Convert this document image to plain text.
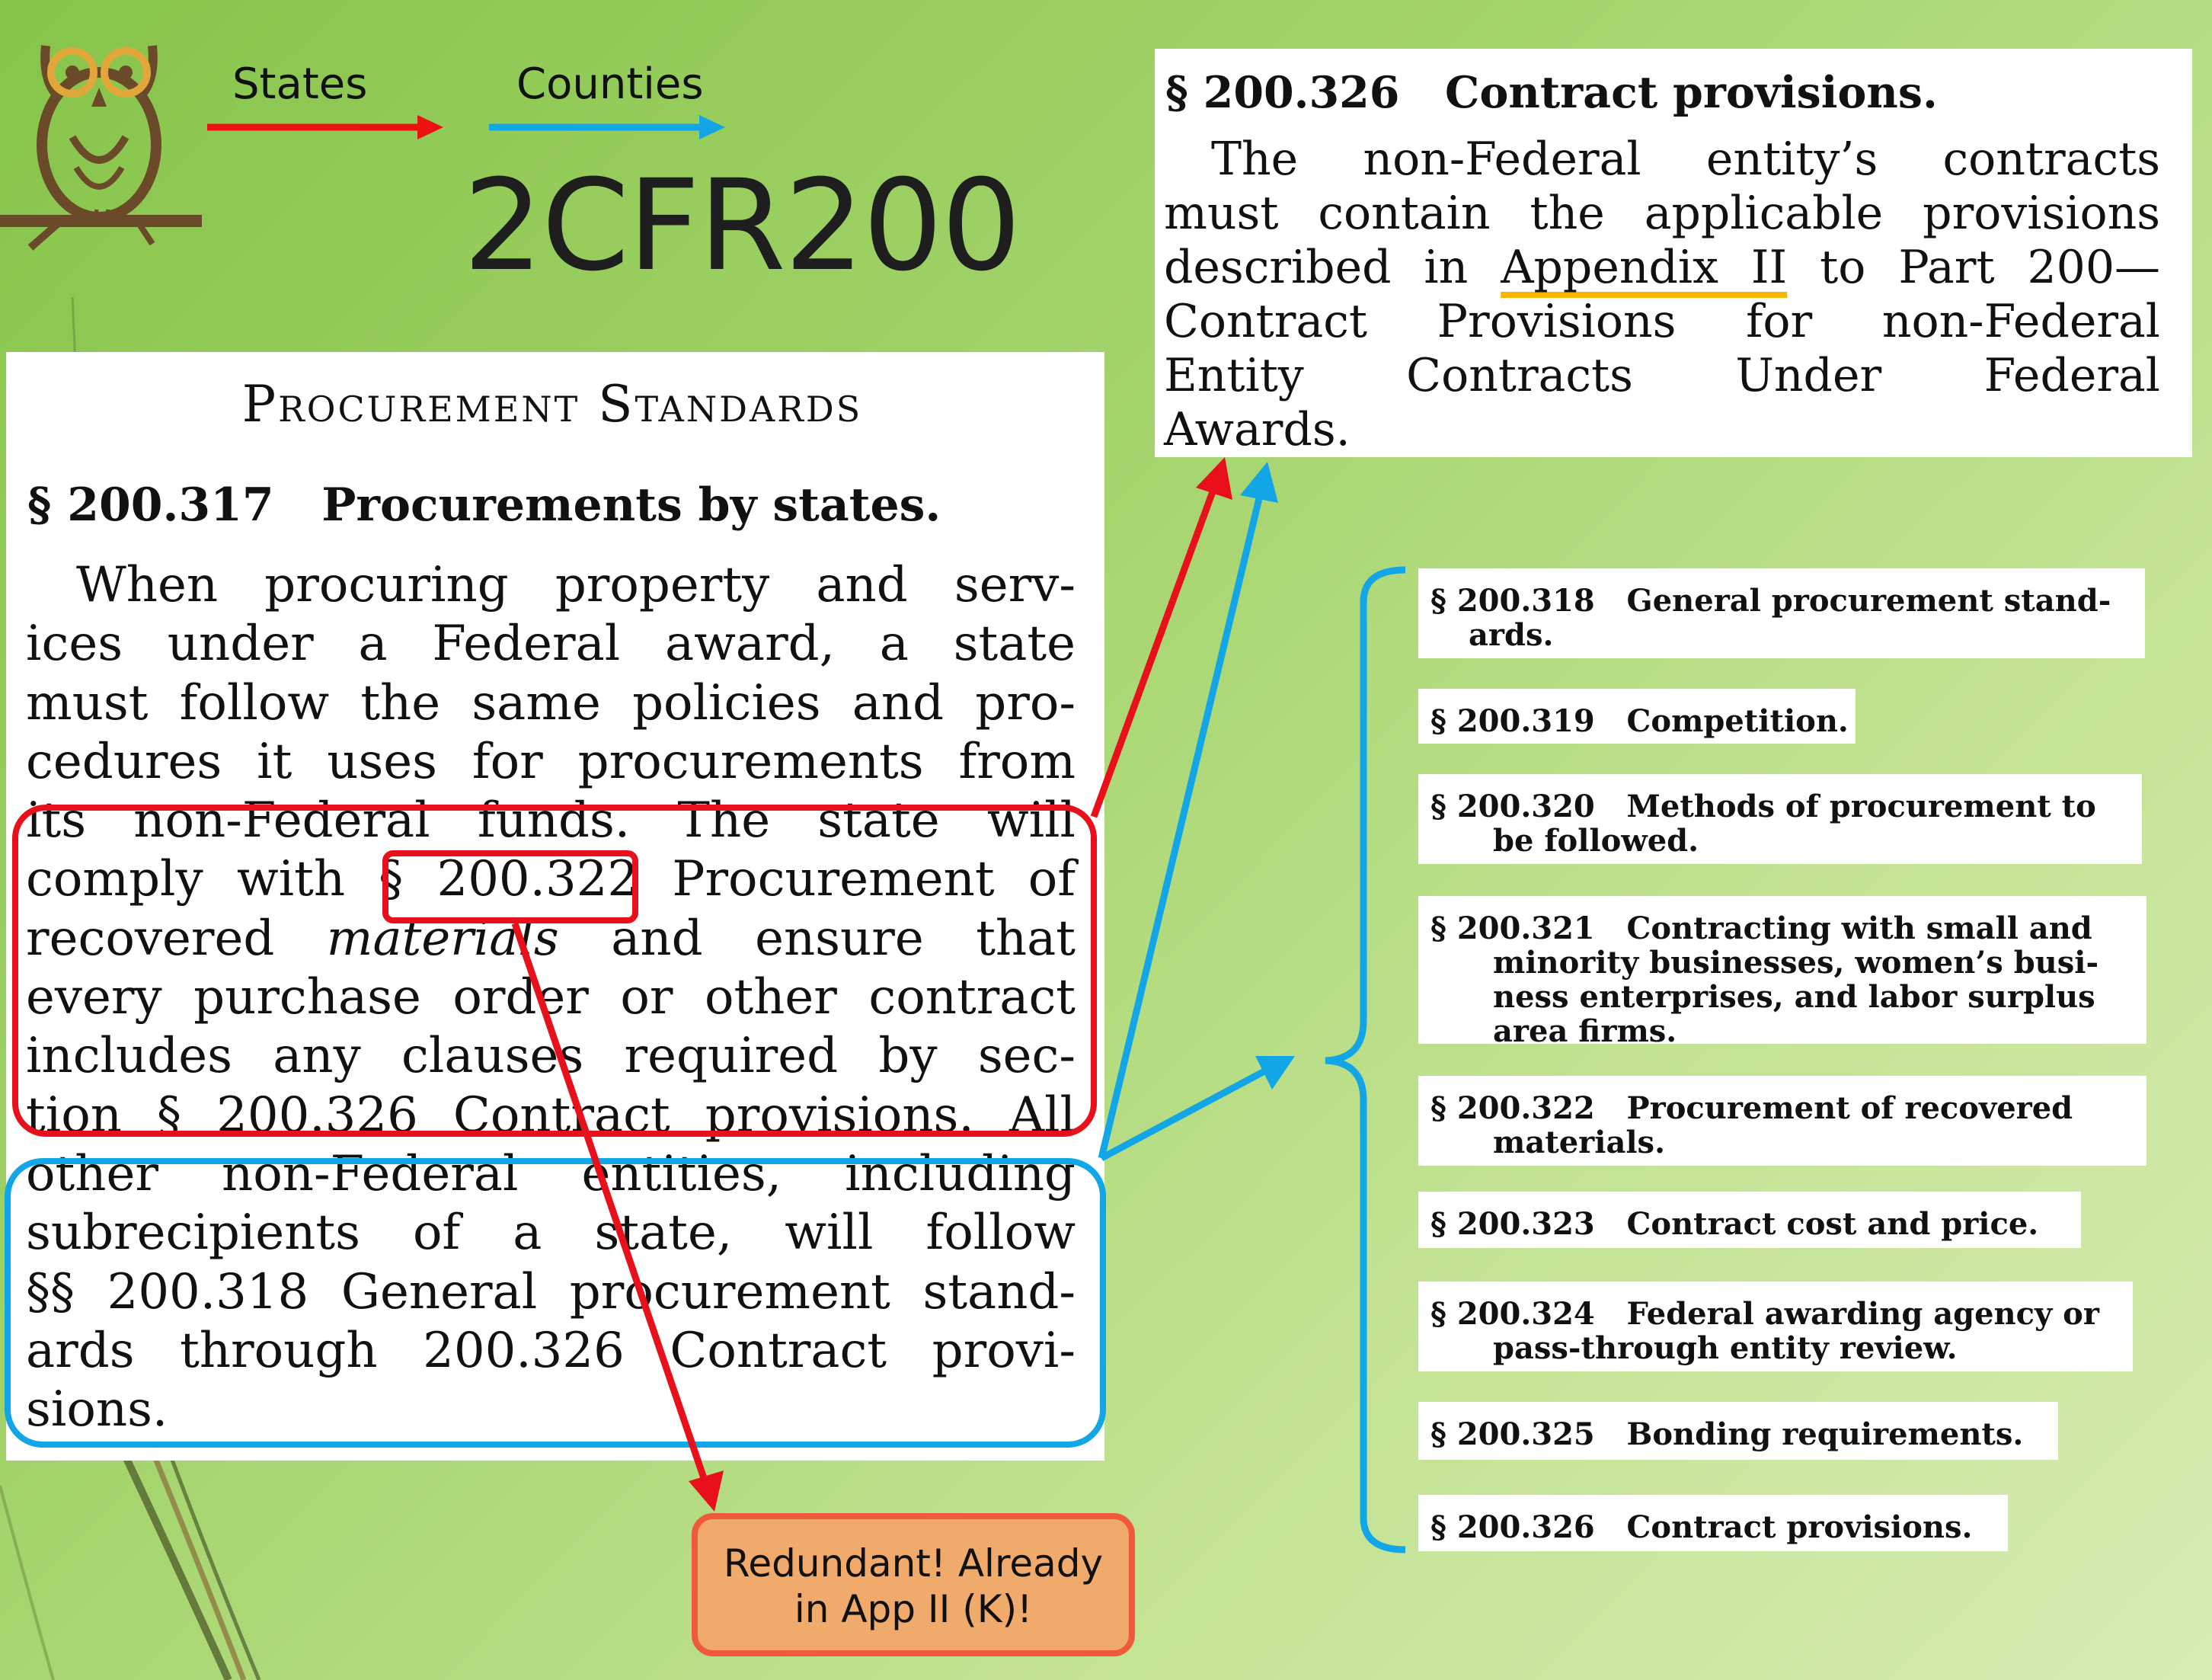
States	Counties
2CFR200
Procurement Standards
§ 200.317   Procurements by states.
When procuring property and serv-
ices under a Federal award, a state
must follow the same policies and pro-
cedures it uses for procurements from
its non-Federal funds. The state will
comply with § 200.322 Procurement of
recovered materials and ensure that
every purchase order or other contract
includes any clauses required by sec-
tion § 200.326 Contract provisions. All
other non-Federal entities, including
subrecipients of a state, will follow
§§ 200.318 General procurement stand-
ards through 200.326 Contract provi-
sions.
§ 200.326   Contract provisions.
The non-Federal entity’s contracts
must contain the applicable provisions
described in Appendix II to Part 200—
Contract Provisions for non-Federal
Entity Contracts Under Federal
Awards.
§ 200.318 General procurement stand-
ards.
§ 200.319 Competition.
§ 200.320 Methods of procurement to
be followed.
§ 200.321 Contracting with small and
minority businesses, women’s busi-
ness enterprises, and labor surplus
area firms.
§ 200.322 Procurement of recovered
materials.
§ 200.323 Contract cost and price.
§ 200.324 Federal awarding agency or
pass-through entity review.
§ 200.325 Bonding requirements.
§ 200.326 Contract provisions.
Redundant! Already
in App II (K)!
